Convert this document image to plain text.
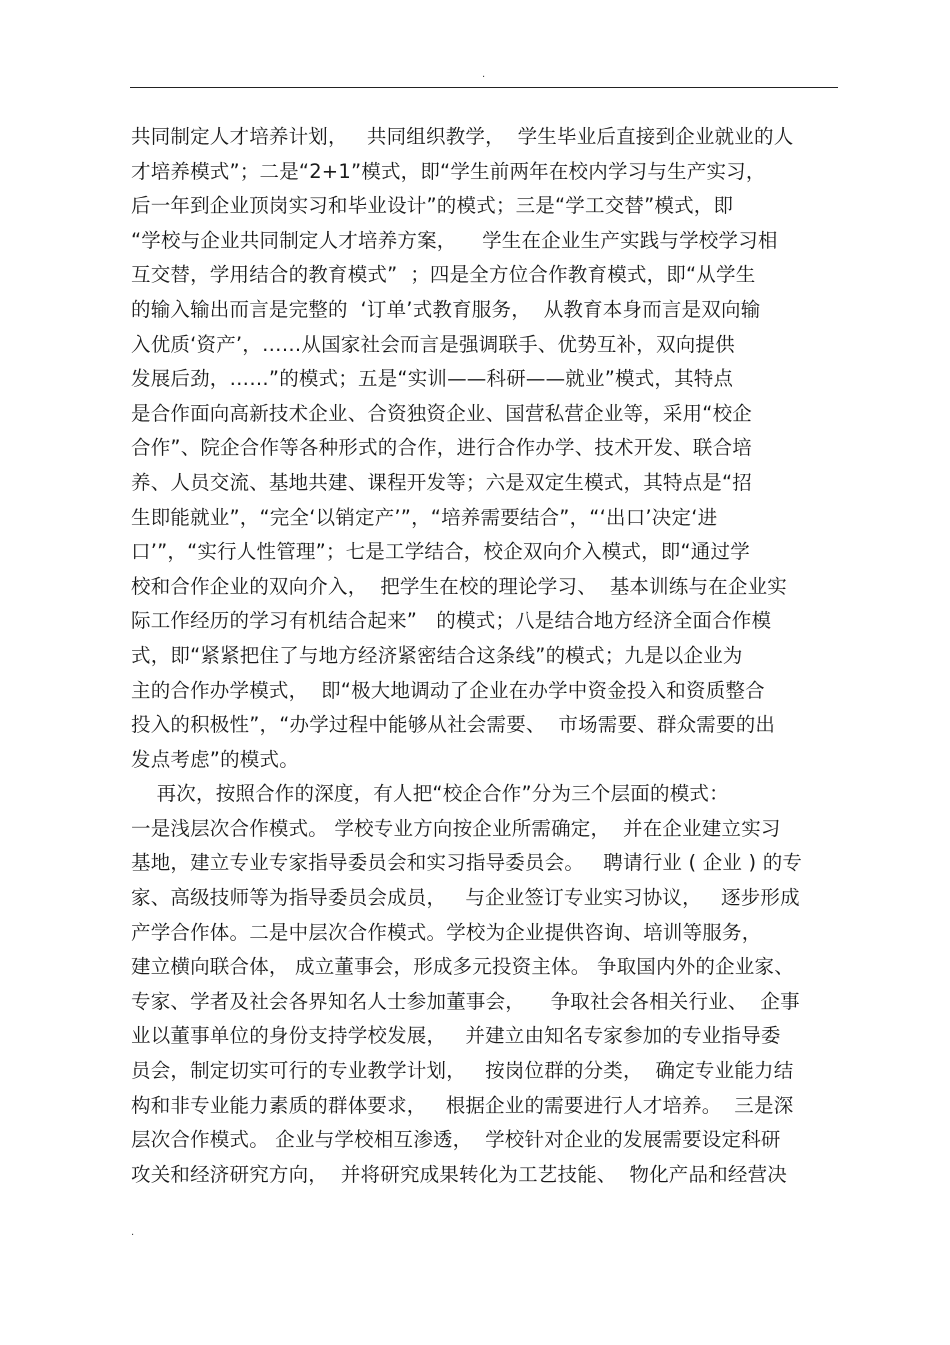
.
共同制定人才培养计划，   共同组织教学，  学生毕业后直接到企业就业的人
才培养模式”；二是“2+1”模式，即“学生前两年在校内学习与生产实习，
后一年到企业顶岗实习和毕业设计”的模式；三是“学工交替”模式，即
“学校与企业共同制定人才培养方案，    学生在企业生产实践与学校学习相
互交替，学用结合的教育模式”  ；四是全方位合作教育模式，即“从学生
的输入输出而言是完整的  ‘订单’式教育服务，  从教育本身而言是双向输
入优质‘资产’，……从国家社会而言是强调联手、优势互补，双向提供
发展后劲，……”的模式；五是“实训——科研——就业”模式，其特点
是合作面向高新技术企业、合资独资企业、国营私营企业等，采用“校企
合作”、院企合作等各种形式的合作，进行合作办学、技术开发、联合培
养、人员交流、基地共建、课程开发等；六是双定生模式，其特点是“招
生即能就业”，“完全‘以销定产’”，“培养需要结合”，“‘出口’决定‘进
口’”，“实行人性管理”；七是工学结合，校企双向介入模式，即“通过学
校和合作企业的双向介入，  把学生在校的理论学习、  基本训练与在企业实
际工作经历的学习有机结合起来”   的模式；八是结合地方经济全面合作模
式，即“紧紧把住了与地方经济紧密结合这条线”的模式；九是以企业为
主的合作办学模式，  即“极大地调动了企业在办学中资金投入和资质整合
投入的积极性”，“办学过程中能够从社会需要、  市场需要、群众需要的出
发点考虑”的模式。
再次，按照合作的深度，有人把“校企合作”分为三个层面的模式：
一是浅层次合作模式。 学校专业方向按企业所需确定，  并在企业建立实习
基地，建立专业专家指导委员会和实习指导委员会。   聘请行业 ( 企业 ) 的专
家、高级技师等为指导委员会成员，   与企业签订专业实习协议，   逐步形成
产学合作体。二是中层次合作模式。学校为企业提供咨询、培训等服务，
建立横向联合体， 成立董事会，形成多元投资主体。 争取国内外的企业家、
专家、学者及社会各界知名人士参加董事会，    争取社会各相关行业、  企事
业以董事单位的身份支持学校发展，   并建立由知名专家参加的专业指导委
员会，制定切实可行的专业教学计划，   按岗位群的分类，  确定专业能力结
构和非专业能力素质的群体要求，   根据企业的需要进行人才培养。  三是深
层次合作模式。 企业与学校相互渗透，  学校针对企业的发展需要设定科研
攻关和经济研究方向，  并将研究成果转化为工艺技能、  物化产品和经营决
.
